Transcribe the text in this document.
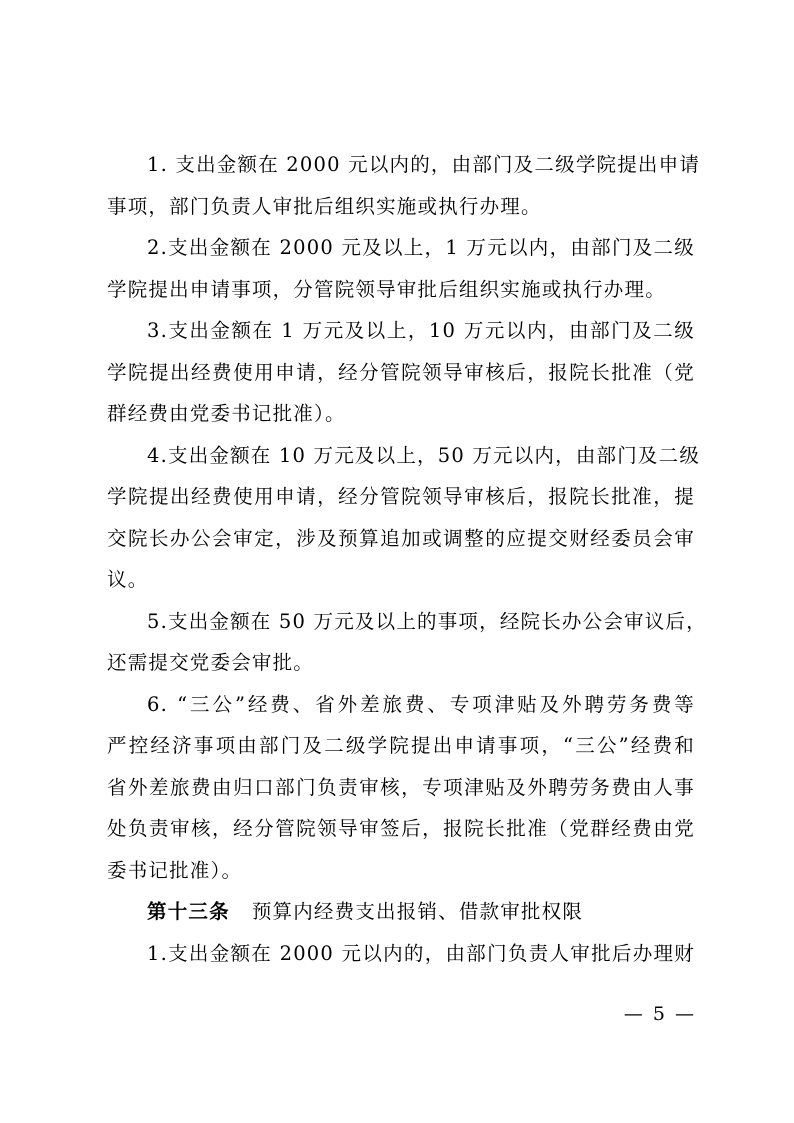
1. 支出金额在 2000 元以内的，由部门及二级学院提出申请
事项，部门负责人审批后组织实施或执行办理。
2.支出金额在 2000 元及以上，1 万元以内，由部门及二级
学院提出申请事项，分管院领导审批后组织实施或执行办理。
3.支出金额在 1 万元及以上，10 万元以内，由部门及二级
学院提出经费使用申请，经分管院领导审核后，报院长批准（党
群经费由党委书记批准）。
4.支出金额在 10 万元及以上，50 万元以内，由部门及二级
学院提出经费使用申请，经分管院领导审核后，报院长批准，提
交院长办公会审定，涉及预算追加或调整的应提交财经委员会审
议。
5.支出金额在 50 万元及以上的事项，经院长办公会审议后，
还需提交党委会审批。
6. “三公”经费、省外差旅费、专项津贴及外聘劳务费等
严控经济事项由部门及二级学院提出申请事项，“三公”经费和
省外差旅费由归口部门负责审核，专项津贴及外聘劳务费由人事
处负责审核，经分管院领导审签后，报院长批准（党群经费由党
委书记批准）。
第十三条 预算内经费支出报销、借款审批权限
1.支出金额在 2000 元以内的，由部门负责人审批后办理财
— 5 —
